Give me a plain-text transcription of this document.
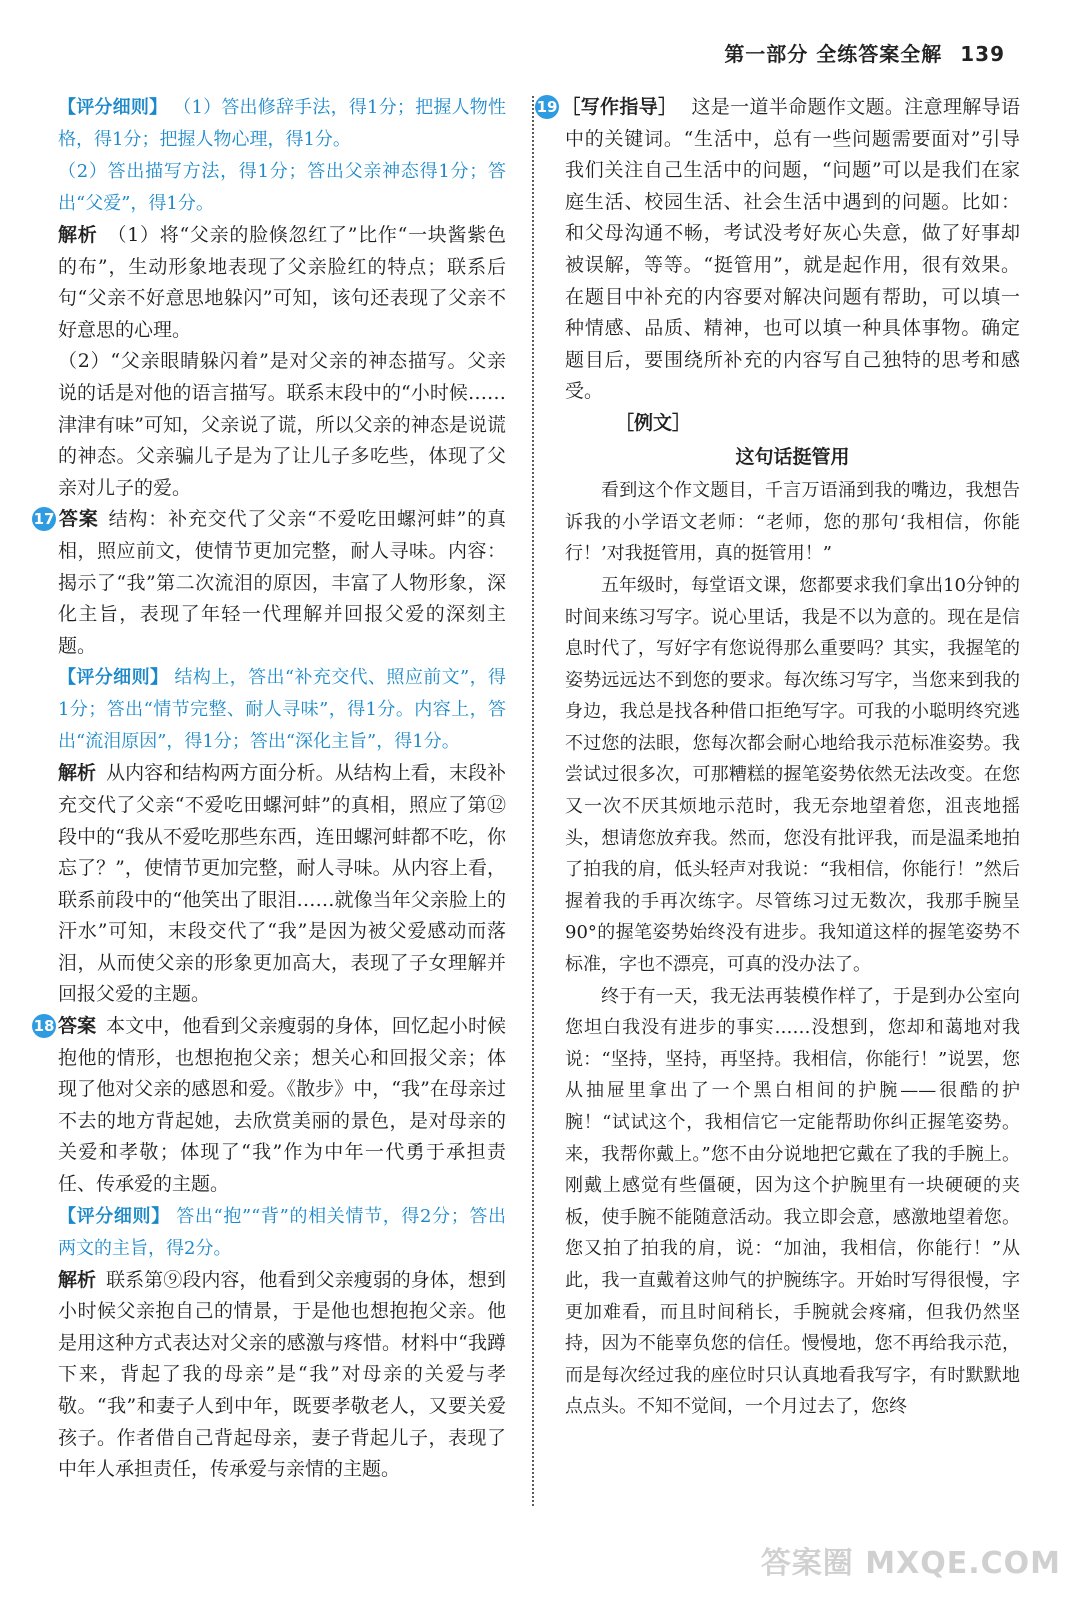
第一部分 全练答案全解 139

【评分细则】 （1）答出修辞手法，得1分；把握人物性格，得1分；把握人物心理，得1分。

（2）答出描写方法，得1分；答出父亲神态得1分；答出“父爱”，得1分。

解析 （1）将“父亲的脸倏忽红了”比作“一块酱紫色的布”，生动形象地表现了父亲脸红的特点；联系后句“父亲不好意思地躲闪”可知，该句还表现了父亲不好意思的心理。

（2）“父亲眼睛躲闪着”是对父亲的神态描写。父亲说的话是对他的语言描写。联系末段中的“小时候……津津有味”可知，父亲说了谎，所以父亲的神态是说谎的神态。父亲骗儿子是为了让儿子多吃些，体现了父亲对儿子的爱。

17 答案 结构：补充交代了父亲“不爱吃田螺河蚌”的真相，照应前文，使情节更加完整，耐人寻味。内容：揭示了“我”第二次流泪的原因，丰富了人物形象，深化主旨，表现了年轻一代理解并回报父爱的深刻主题。

【评分细则】 结构上，答出“补充交代、照应前文”，得1分；答出“情节完整、耐人寻味”，得1分。内容上，答出“流泪原因”，得1分；答出“深化主旨”，得1分。

解析 从内容和结构两方面分析。从结构上看，末段补充交代了父亲“不爱吃田螺河蚌”的真相，照应了第⑫段中的“我从不爱吃那些东西，连田螺河蚌都不吃，你忘了？”，使情节更加完整，耐人寻味。从内容上看，联系前段中的“他笑出了眼泪……就像当年父亲脸上的汗水”可知，末段交代了“我”是因为被父爱感动而落泪，从而使父亲的形象更加高大，表现了子女理解并回报父爱的主题。

18 答案 本文中，他看到父亲瘦弱的身体，回忆起小时候抱他的情形，也想抱抱父亲；想关心和回报父亲；体现了他对父亲的感恩和爱。《散步》中，“我”在母亲过不去的地方背起她，去欣赏美丽的景色，是对母亲的关爱和孝敬；体现了“我”作为中年一代勇于承担责任、传承爱的主题。

【评分细则】 答出“抱”“背”的相关情节，得2分；答出两文的主旨，得2分。

解析 联系第⑨段内容，他看到父亲瘦弱的身体，想到小时候父亲抱自己的情景，于是他也想抱抱父亲。他是用这种方式表达对父亲的感激与疼惜。材料中“我蹲下来，背起了我的母亲”是“我”对母亲的关爱与孝敬。“我”和妻子人到中年，既要孝敬老人，又要关爱孩子。作者借自己背起母亲，妻子背起儿子，表现了中年人承担责任，传承爱与亲情的主题。

19 ［写作指导］ 这是一道半命题作文题。注意理解导语中的关键词。“生活中，总有一些问题需要面对”引导我们关注自己生活中的问题，“问题”可以是我们在家庭生活、校园生活、社会生活中遇到的问题。比如：和父母沟通不畅，考试没考好灰心失意，做了好事却被误解，等等。“挺管用”，就是起作用，很有效果。在题目中补充的内容要对解决问题有帮助，可以填一种情感、品质、精神，也可以填一种具体事物。确定题目后，要围绕所补充的内容写自己独特的思考和感受。

［例文］

这句话挺管用

看到这个作文题目，千言万语涌到我的嘴边，我想告诉我的小学语文老师：“老师，您的那句‘我相信，你能行！’对我挺管用，真的挺管用！”

五年级时，每堂语文课，您都要求我们拿出10分钟的时间来练习写字。说心里话，我是不以为意的。现在是信息时代了，写好字有您说得那么重要吗？其实，我握笔的姿势远远达不到您的要求。每次练习写字，当您来到我的身边，我总是找各种借口拒绝写字。可我的小聪明终究逃不过您的法眼，您每次都会耐心地给我示范标准姿势。我尝试过很多次，可那糟糕的握笔姿势依然无法改变。在您又一次不厌其烦地示范时，我无奈地望着您，沮丧地摇头，想请您放弃我。然而，您没有批评我，而是温柔地拍了拍我的肩，低头轻声对我说：“我相信，你能行！”然后握着我的手再次练字。尽管练习过无数次，我那手腕呈90°的握笔姿势始终没有进步。我知道这样的握笔姿势不标准，字也不漂亮，可真的没办法了。

终于有一天，我无法再装模作样了，于是到办公室向您坦白我没有进步的事实……没想到，您却和蔼地对我说：“坚持，坚持，再坚持。我相信，你能行！”说罢，您从抽屉里拿出了一个黑白相间的护腕——很酷的护腕！“试试这个，我相信它一定能帮助你纠正握笔姿势。来，我帮你戴上。”您不由分说地把它戴在了我的手腕上。刚戴上感觉有些僵硬，因为这个护腕里有一块硬硬的夹板，使手腕不能随意活动。我立即会意，感激地望着您。您又拍了拍我的肩，说：“加油，我相信，你能行！”从此，我一直戴着这帅气的护腕练字。开始时写得很慢，字更加难看，而且时间稍长，手腕就会疼痛，但我仍然坚持，因为不能辜负您的信任。慢慢地，您不再给我示范，而是每次经过我的座位时只认真地看我写字，有时默默地点点头。不知不觉间，一个月过去了，您终

答案圈 MXQE.COM
